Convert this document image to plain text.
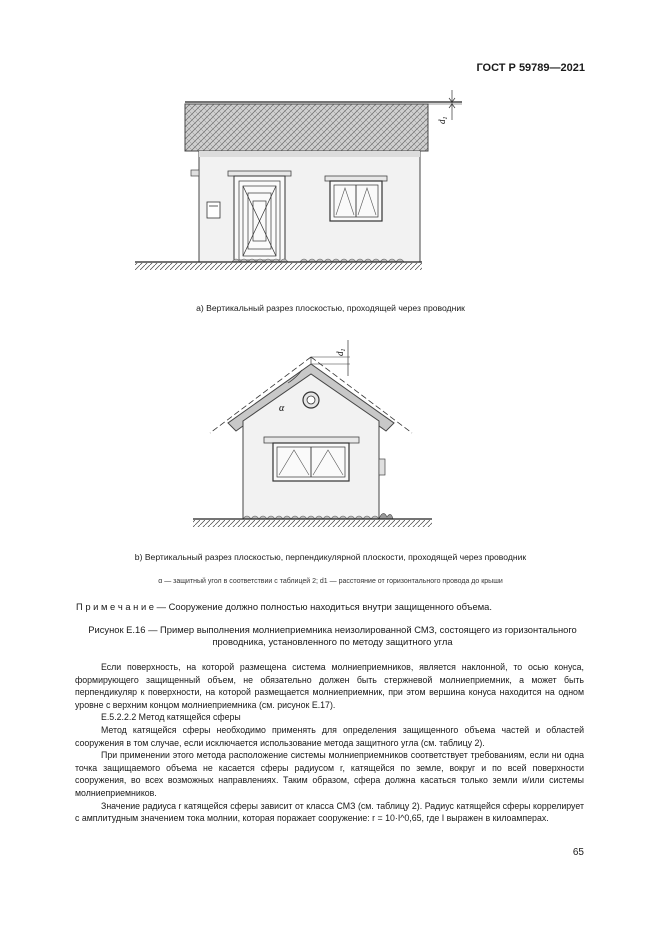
ГОСТ Р 59789—2021
$d_1$
а) Вертикальный разрез плоскостью, проходящей через проводник
$d_1$
α
b) Вертикальный разрез плоскостью, перпендикулярной плоскости, проходящей через проводник
α — защитный угол в соответствии с таблицей 2; d1 — расстояние от горизонтального провода до крыши
П р и м е ч а н и е — Сооружение должно полностью находиться внутри защищенного объема.
Рисунок Е.16 — Пример выполнения молниеприемника неизолированной СМЗ, состоящего из горизонтального
проводника, установленного по методу защитного угла

Если поверхность, на которой размещена система молниеприемников, является наклонной, то осью конуса, формирующего защищенный объем, не обязательно должен быть стержневой молниеприемник, а может быть перпендикуляр к поверхности, на которой размещается молниеприемник, при этом вершина конуса находится на одном уровне с верхним концом молниеприемника (см. рисунок Е.17).

Е.5.2.2.2 Метод катящейся сферы

Метод катящейся сферы необходимо применять для определения защищенного объема частей и областей сооружения в том случае, если исключается использование метода защитного угла (см. таблицу 2).

При применении этого метода расположение системы молниеприемников соответствует требованиям, если ни одна точка защищаемого объема не касается сферы радиусом r, катящейся по земле, вокруг и по всей поверхности сооружения, во всех возможных направлениях. Таким образом, сфера должна касаться только земли и/или системы молниеприемников.

Значение радиуса r катящейся сферы зависит от класса СМЗ (см. таблицу 2). Радиус катящейся сферы коррелирует с амплитудным значением тока молнии, которая поражает сооружение: r = 10·I^0,65, где I выражен в килоамперах.

65
